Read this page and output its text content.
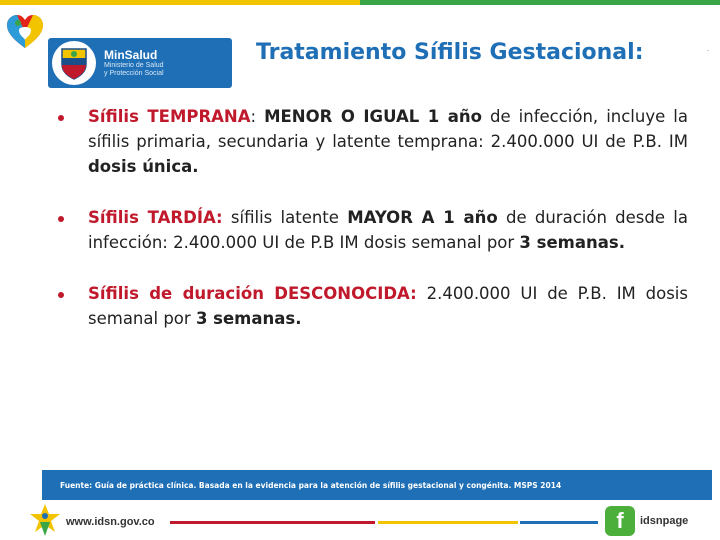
MinSalud
Ministerio de Salud
y Protección Social
Tratamiento Sífilis Gestacional:	.

Sífilis TEMPRANA: MENOR O IGUAL 1 año de infección, incluye la sífilis primaria, secundaria y latente temprana: 2.400.000 UI de P.B. IM dosis única.

Sífilis TARDÍA: sífilis latente MAYOR A 1 año de duración desde la infección: 2.400.000 UI de P.B IM dosis semanal por 3 semanas.

Sífilis de duración DESCONOCIDA: 2.400.000 UI de P.B. IM dosis semanal por 3 semanas.

Fuente: Guía de práctica clínica. Basada en la evidencia para la atención de sífilis gestacional y congénita. MSPS 2014
www.idsn.gov.co	f	idsnpage
